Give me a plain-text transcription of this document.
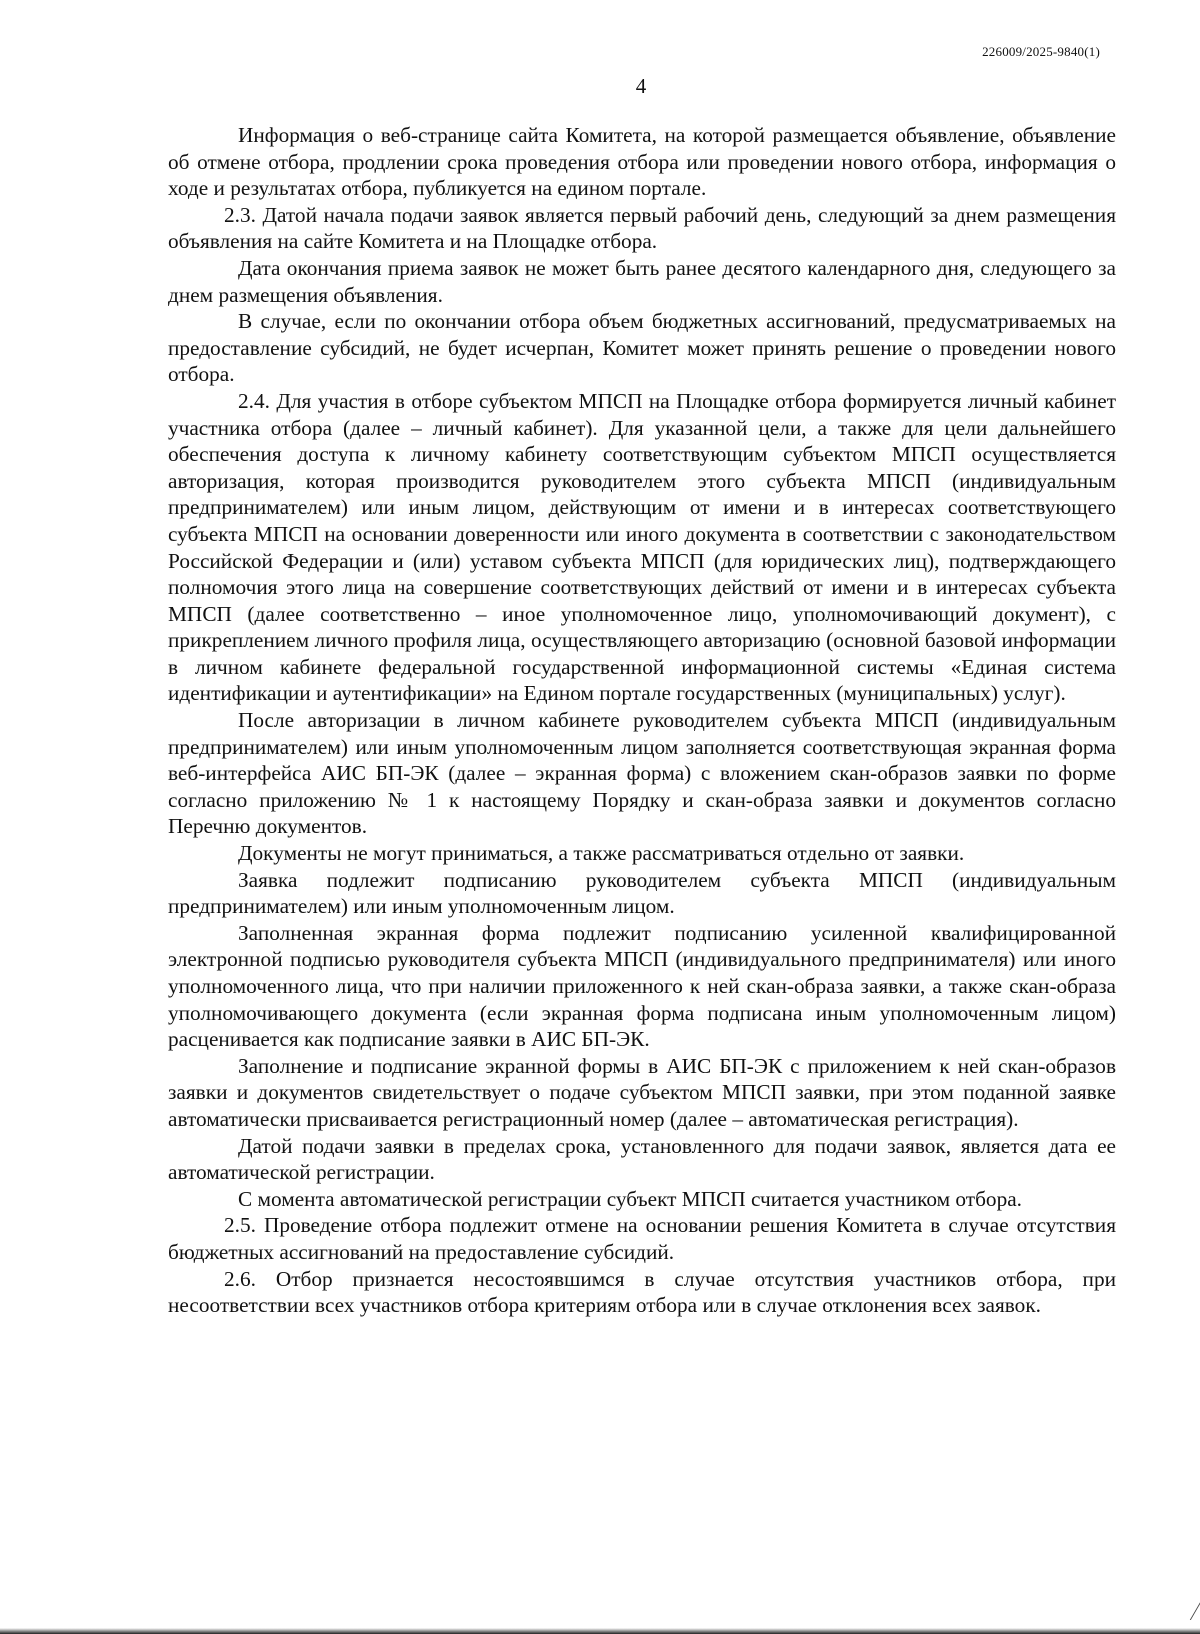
226009/2025-9840(1)
4

Информация о веб-странице сайта Комитета, на которой размещается объявление, объявление об отмене отбора, продлении срока проведения отбора или проведении нового отбора, информация о ходе и результатах отбора, публикуется на едином портале.

2.3. Датой начала подачи заявок является первый рабочий день, следующий за днем размещения объявления на сайте Комитета и на Площадке отбора.

Дата окончания приема заявок не может быть ранее десятого календарного дня, следующего за днем размещения объявления.

В случае, если по окончании отбора объем бюджетных ассигнований, предусматриваемых на предоставление субсидий, не будет исчерпан, Комитет может принять решение о проведении нового отбора.

2.4. Для участия в отборе субъектом МПСП на Площадке отбора формируется личный кабинет участника отбора (далее – личный кабинет). Для указанной цели, а также для цели дальнейшего обеспечения доступа к личному кабинету соответствующим субъектом МПСП осуществляется авторизация, которая производится руководителем этого субъекта МПСП (индивидуальным предпринимателем) или иным лицом, действующим от имени и в интересах соответствующего субъекта МПСП на основании доверенности или иного документа в соответствии с законодательством Российской Федерации и (или) уставом субъекта МПСП (для юридических лиц), подтверждающего полномочия этого лица на совершение соответствующих действий от имени и в интересах субъекта МПСП (далее соответственно – иное уполномоченное лицо, уполномочивающий документ), с прикреплением личного профиля лица, осуществляющего авторизацию (основной базовой информации в личном кабинете федеральной государственной информационной системы «Единая система идентификации и аутентификации» на Едином портале государственных (муниципальных) услуг).

После авторизации в личном кабинете руководителем субъекта МПСП (индивидуальным предпринимателем) или иным уполномоченным лицом заполняется соответствующая экранная форма веб-интерфейса АИС БП-ЭК (далее – экранная форма) с вложением скан-образов заявки по форме согласно приложению № 1 к настоящему Порядку и скан-образа заявки и документов согласно Перечню документов.

Документы не могут приниматься, а также рассматриваться отдельно от заявки.

Заявка подлежит подписанию руководителем субъекта МПСП (индивидуальным предпринимателем) или иным уполномоченным лицом.

Заполненная экранная форма подлежит подписанию усиленной квалифицированной электронной подписью руководителя субъекта МПСП (индивидуального предпринимателя) или иного уполномоченного лица, что при наличии приложенного к ней скан-образа заявки, а также скан-образа уполномочивающего документа (если экранная форма подписана иным уполномоченным лицом) расценивается как подписание заявки в АИС БП-ЭК.

Заполнение и подписание экранной формы в АИС БП-ЭК с приложением к ней скан-образов заявки и документов свидетельствует о подаче субъектом МПСП заявки, при этом поданной заявке автоматически присваивается регистрационный номер (далее – автоматическая регистрация).

Датой подачи заявки в пределах срока, установленного для подачи заявок, является дата ее автоматической регистрации.

С момента автоматической регистрации субъект МПСП считается участником отбора.

2.5. Проведение отбора подлежит отмене на основании решения Комитета в случае отсутствия бюджетных ассигнований на предоставление субсидий.

2.6. Отбор признается несостоявшимся в случае отсутствия участников отбора, при несоответствии всех участников отбора критериям отбора или в случае отклонения всех заявок.
